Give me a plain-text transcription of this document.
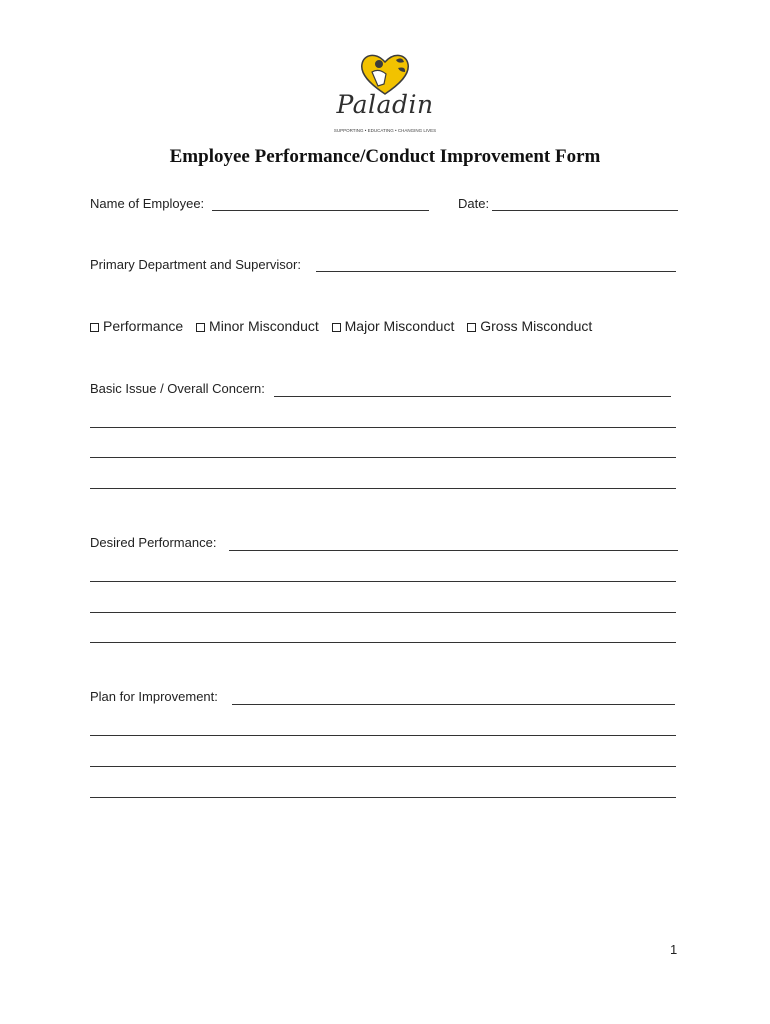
Paladin
SUPPORTING • EDUCATING • CHANGING LIVES
Employee Performance/Conduct Improvement Form
Name of Employee:	Date:
Primary Department and Supervisor:
Performance Minor Misconduct Major Misconduct Gross Misconduct
Basic Issue / Overall Concern:
Desired Performance:
Plan for Improvement:
1
